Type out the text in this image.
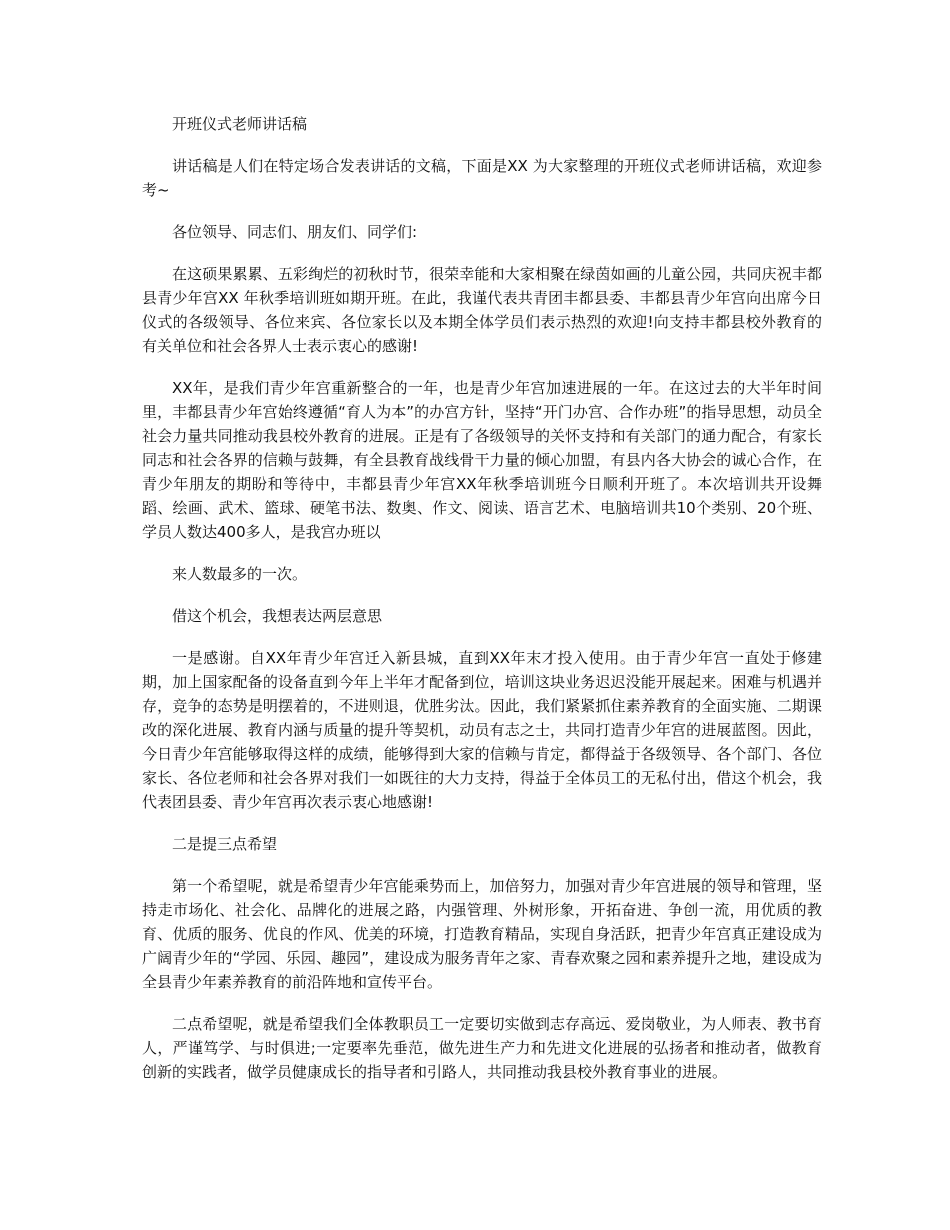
开班仪式老师讲话稿

讲话稿是人们在特定场合发表讲话的文稿，下面是XX 为大家整理的开班仪式老师讲话稿，欢迎参考~

各位领导、同志们、朋友们、同学们:

在这硕果累累、五彩绚烂的初秋时节，很荣幸能和大家相聚在绿茵如画的儿童公园，共同庆祝丰都县青少年宫XX 年秋季培训班如期开班。在此，我谨代表共青团丰都县委、丰都县青少年宫向出席今日仪式的各级领导、各位来宾、各位家长以及本期全体学员们表示热烈的欢迎!向支持丰都县校外教育的有关单位和社会各界人士表示衷心的感谢!

XX年，是我们青少年宫重新整合的一年，也是青少年宫加速进展的一年。在这过去的大半年时间里，丰都县青少年宫始终遵循“育人为本”的办宫方针，坚持“开门办宫、合作办班”的指导思想，动员全社会力量共同推动我县校外教育的进展。正是有了各级领导的关怀支持和有关部门的通力配合，有家长同志和社会各界的信赖与鼓舞，有全县教育战线骨干力量的倾心加盟，有县内各大协会的诚心合作，在青少年朋友的期盼和等待中，丰都县青少年宫XX年秋季培训班今日顺利开班了。本次培训共开设舞蹈、绘画、武术、篮球、硬笔书法、数奥、作文、阅读、语言艺术、电脑培训共10个类别、20个班、学员人数达400多人，是我宫办班以

来人数最多的一次。

借这个机会，我想表达两层意思

一是感谢。自XX年青少年宫迁入新县城，直到XX年末才投入使用。由于青少年宫一直处于修建期，加上国家配备的设备直到今年上半年才配备到位，培训这块业务迟迟没能开展起来。困难与机遇并存，竞争的态势是明摆着的，不进则退，优胜劣汰。因此，我们紧紧抓住素养教育的全面实施、二期课改的深化进展、教育内涵与质量的提升等契机，动员有志之士，共同打造青少年宫的进展蓝图。因此，今日青少年宫能够取得这样的成绩，能够得到大家的信赖与肯定，都得益于各级领导、各个部门、各位家长、各位老师和社会各界对我们一如既往的大力支持，得益于全体员工的无私付出，借这个机会，我代表团县委、青少年宫再次表示衷心地感谢!

二是提三点希望

第一个希望呢，就是希望青少年宫能乘势而上，加倍努力，加强对青少年宫进展的领导和管理，坚持走市场化、社会化、品牌化的进展之路，内强管理、外树形象，开拓奋进、争创一流，用优质的教育、优质的服务、优良的作风、优美的环境，打造教育精品，实现自身活跃，把青少年宫真正建设成为广阔青少年的“学园、乐园、趣园”，建设成为服务青年之家、青春欢聚之园和素养提升之地，建设成为全县青少年素养教育的前沿阵地和宣传平台。

二点希望呢，就是希望我们全体教职员工一定要切实做到志存高远、爱岗敬业，为人师表、教书育人，严谨笃学、与时俱进;一定要率先垂范，做先进生产力和先进文化进展的弘扬者和推动者，做教育创新的实践者，做学员健康成长的指导者和引路人，共同推动我县校外教育事业的进展。
